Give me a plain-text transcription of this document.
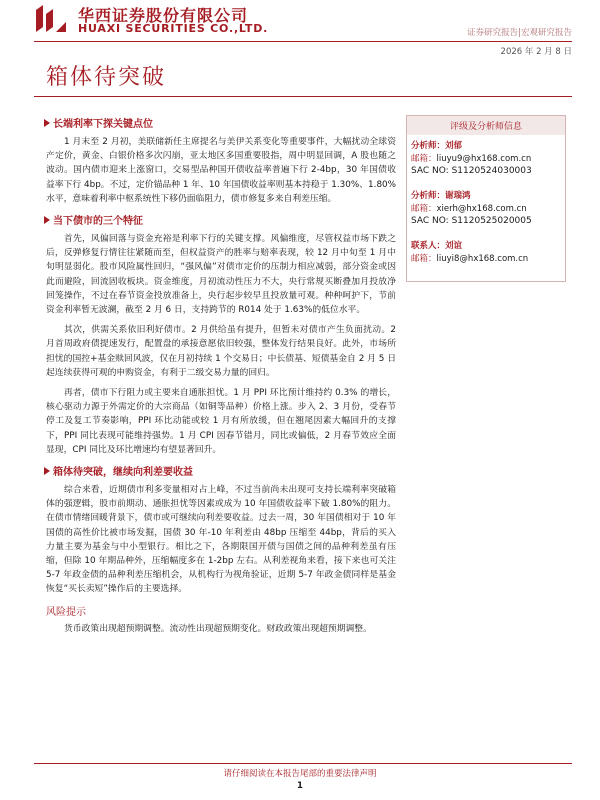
华西证券股份有限公司
HUAXI SECURITIES CO.,LTD.	证券研究报告|宏观研究报告
2026 年 2 月 8 日
箱体待突破
长端利率下探关键点位

1 月末至 2 月初，美联储新任主席提名与美伊关系变化等重要事件，大幅扰动全球资产定价，黄金、白银价格多次闪崩，亚太地区多国重要股指，周中明显回调，A 股也随之波动。国内债市迎来上涨窗口，交易型品种国开债收益率普遍下行 2-4bp，30 年国债收益率下行 4bp。不过，定价锚品种 1 年、10 年国债收益率则基本持稳于 1.30%、1.80%水平，意味着利率中枢系统性下移仍面临阻力，债市修复多来自利差压缩。

当下债市的三个特征

首先，风偏回落与资金充裕是利率下行的关键支撑。风偏维度，尽管权益市场下跌之后，反弹修复行情往往紧随而至，但权益资产的胜率与赔率表现，较 12 月中旬至 1 月中旬明显弱化。股市风险属性回归，“强风偏”对债市定价的压制力相应减弱，部分资金或因此而避险，回流固收板块。资金维度，月初流动性压力不大，央行常规买断叠加月投放净回笼操作，不过在春节资金投放准备上，央行起步较早且投放量可观。种种呵护下，节前资金利率暂无波澜，截至 2 月 6 日，支持跨节的 R014 处于 1.63%的低位水平。

其次，供需关系依旧利好债市。2 月供给虽有提升，但暂未对债市产生负面扰动。2 月首周政府债提速发行，配置盘的承接意愿依旧较强，整体发行结果良好。此外，市场所担忧的国控+基金赎回风波，仅在月初持续 1 个交易日；中长债基、短债基金自 2 月 5 日起连续获得可观的申购资金，有利于二级交易力量的回归。

再者，债市下行阻力或主要来自通胀担忧。1 月 PPI 环比预计维持约 0.3% 的增长，核心驱动力源于外需定价的大宗商品（如铜等品种）价格上涨。步入 2、3 月份，受春节停工及复工节奏影响，PPI 环比动能或较 1 月有所放缓，但在翘尾因素大幅回升的支撑下，PPI 同比表现可能维持强势。1 月 CPI 因春节错月，同比或偏低，2 月春节效应全面显现，CPI 同比及环比增速均有望显著回升。

箱体待突破，继续向利差要收益

综合来看，近期债市利多变量相对占上峰，不过当前尚未出现可支持长端利率突破箱体的强逻辑，股市前期动、通胀担忧等因素或成为 10 年国债收益率下破 1.80%的阻力。在债市情绪回暖背景下，债市或可继续向利差要收益。过去一周，30 年国债相对于 10 年国债的高性价比被市场发掘，国债 30 年-10 年利差由 48bp 压缩至 44bp，背后的买入力量主要为基金与中小型银行。相比之下，各期限国开债与国债之间的品种利差虽有压缩，但除 10 年期品种外，压缩幅度多在 1-2bp 左右。从利差视角来看，接下来也可关注 5-7 年政金债的品种利差压缩机会，从机构行为视角验证，近期 5-7 年政金债同样是基金恢复“买长卖短”操作后的主要选择。

风险提示

货币政策出现超预期调整。流动性出现超预期变化。财政政策出现超预期调整。

评级及分析师信息
分析师：刘郁
邮箱：liuyu9@hx168.com.cn
SAC NO: S1120524030003
分析师：谢瑞鸿
邮箱：xierh@hx168.com.cn
SAC NO: S1120525020005
联系人：刘谊
邮箱：liuyi8@hx168.com.cn
请仔细阅读在本报告尾部的重要法律声明
1
